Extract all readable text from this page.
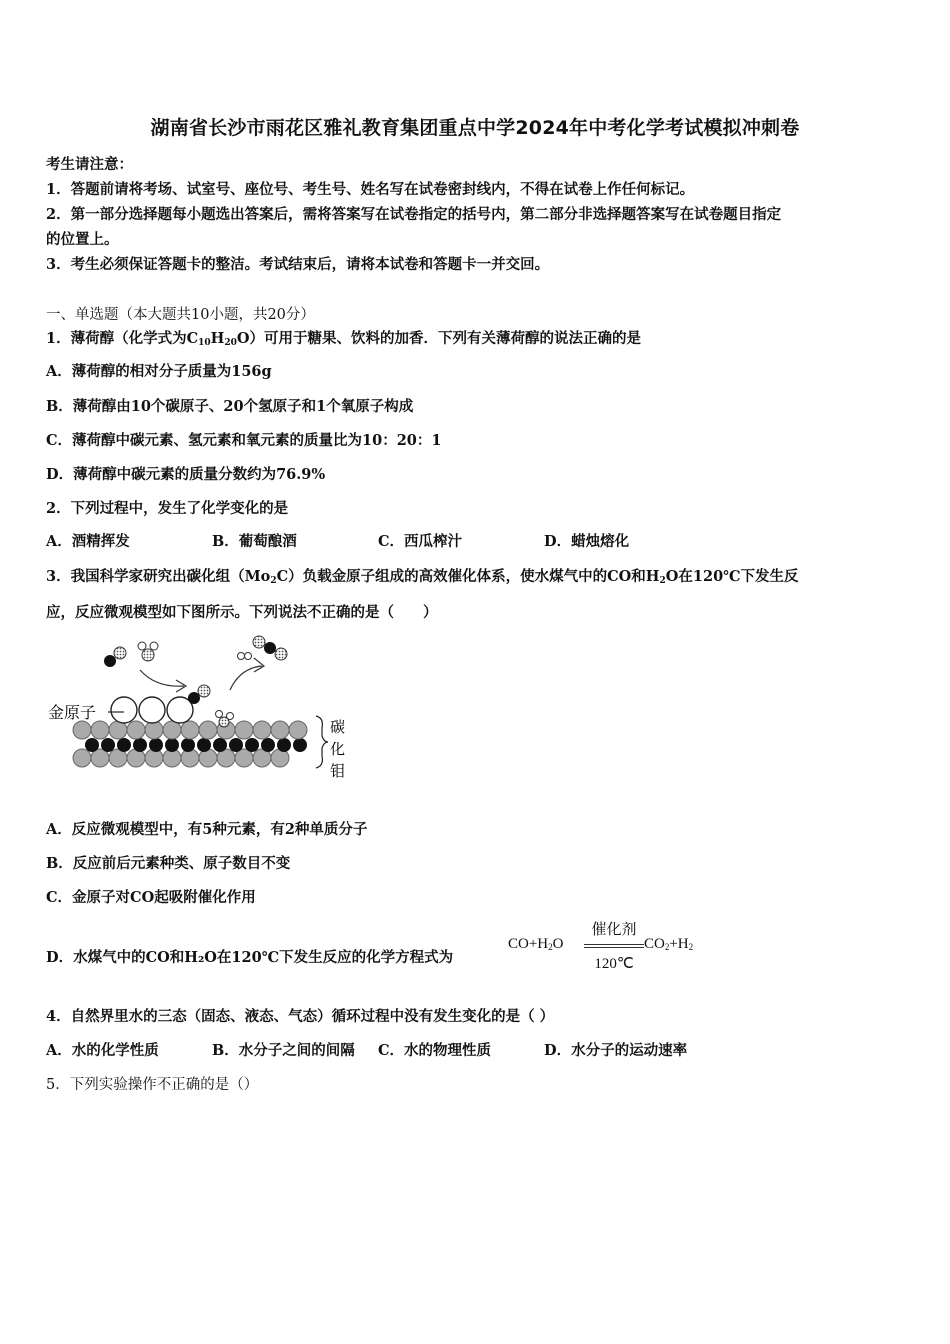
湖南省长沙市雨花区雅礼教育集团重点中学2024年中考化学考试模拟冲刺卷
考生请注意：
1．答题前请将考场、试室号、座位号、考生号、姓名写在试卷密封线内，不得在试卷上作任何标记。
2．第一部分选择题每小题选出答案后，需将答案写在试卷指定的括号内，第二部分非选择题答案写在试卷题目指定
的位置上。
3．考生必须保证答题卡的整洁。考试结束后，请将本试卷和答题卡一并交回。
一、单选题（本大题共10小题，共20分）
1．薄荷醇（化学式为$C_{10}H_{20}O$）可用于糖果、饮料的加香．下列有关薄荷醇的说法正确的是
A．薄荷醇的相对分子质量为156g
B．薄荷醇由10个碳原子、20个氢原子和1个氧原子构成
C．薄荷醇中碳元素、氢元素和氧元素的质量比为10：20：1
D．薄荷醇中碳元素的质量分数约为76.9%
2．下列过程中，发生了化学变化的是
A．酒精挥发	B．葡萄酿酒	C．西瓜榨汁	D．蜡烛熔化
3．我国科学家研究出碳化组$(Mo_2C)$负载金原子组成的高效催化体系，使水煤气中的CO和$H_2O$在120℃下发生反
应，反应微观模型如下图所示。下列说法不正确的是（　　）
金原子
碳
化
钼
A．反应微观模型中，有5种元素，有2种单质分子
B．反应前后元素种类、原子数目不变
C．金原子对CO起吸附催化作用
D．水煤气中的CO和H₂O在120℃下发生反应的化学方程式为
$CO+H_2O$
催化剂
120℃
$CO_2+H_2$
4．自然界里水的三态（固态、液态、气态）循环过程中没有发生变化的是（ ）
A．水的化学性质	B．水分子之间的间隔 C．水的物理性质	D．水分子的运动速率
5．下列实验操作不正确的是（）
